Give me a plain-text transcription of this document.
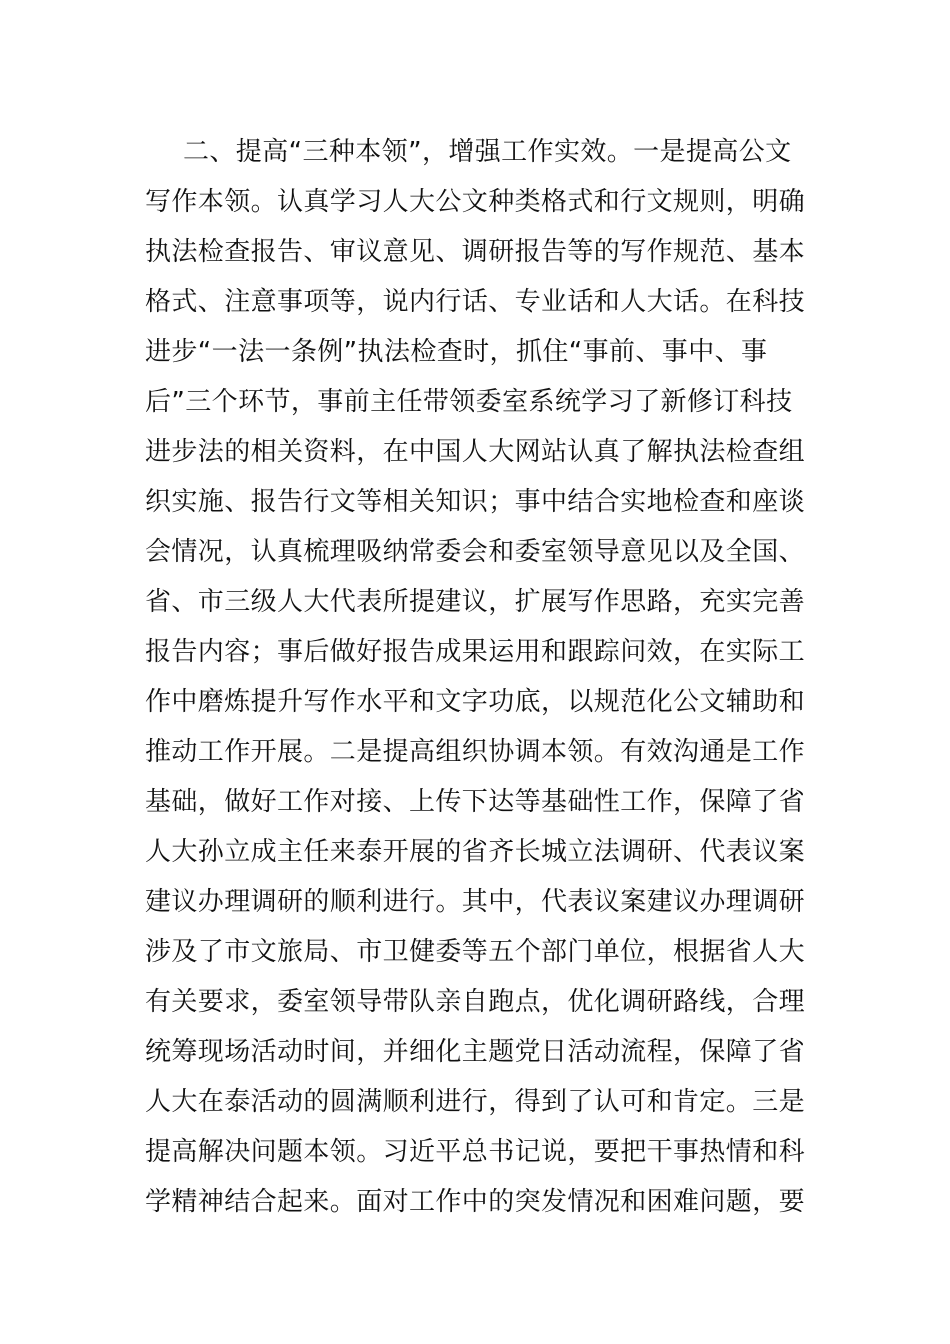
二、提高“三种本领”，增强工作实效。一是提高公文
写作本领。认真学习人大公文种类格式和行文规则，明确
执法检查报告、审议意见、调研报告等的写作规范、基本
格式、注意事项等，说内行话、专业话和人大话。在科技
进步“一法一条例”执法检查时，抓住“事前、事中、事
后”三个环节，事前主任带领委室系统学习了新修订科技
进步法的相关资料，在中国人大网站认真了解执法检查组
织实施、报告行文等相关知识；事中结合实地检查和座谈
会情况，认真梳理吸纳常委会和委室领导意见以及全国、
省、市三级人大代表所提建议，扩展写作思路，充实完善
报告内容；事后做好报告成果运用和跟踪问效，在实际工
作中磨炼提升写作水平和文字功底，以规范化公文辅助和
推动工作开展。二是提高组织协调本领。有效沟通是工作
基础，做好工作对接、上传下达等基础性工作，保障了省
人大孙立成主任来泰开展的省齐长城立法调研、代表议案
建议办理调研的顺利进行。其中，代表议案建议办理调研
涉及了市文旅局、市卫健委等五个部门单位，根据省人大
有关要求，委室领导带队亲自跑点，优化调研路线，合理
统筹现场活动时间，并细化主题党日活动流程，保障了省
人大在泰活动的圆满顺利进行，得到了认可和肯定。三是
提高解决问题本领。习近平总书记说，要把干事热情和科
学精神结合起来。面对工作中的突发情况和困难问题，要
